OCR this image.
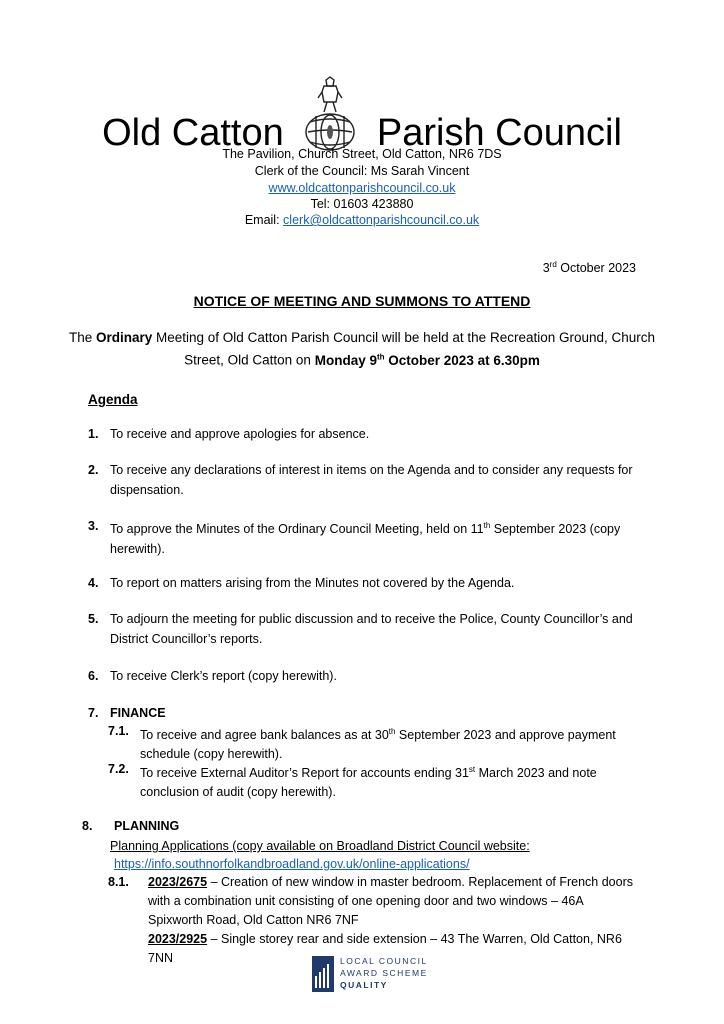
Old Catton Parish Council
The Pavilion, Church Street, Old Catton, NR6 7DS
Clerk of the Council: Ms Sarah Vincent
www.oldcattonparishcouncil.co.uk
Tel: 01603 423880
Email: clerk@oldcattonparishcouncil.co.uk
3rd October 2023
NOTICE OF MEETING AND SUMMONS TO ATTEND
The Ordinary Meeting of Old Catton Parish Council will be held at the Recreation Ground, Church Street, Old Catton on Monday 9th October 2023 at 6.30pm
Agenda
1. To receive and approve apologies for absence.
2. To receive any declarations of interest in items on the Agenda and to consider any requests for dispensation.
3. To approve the Minutes of the Ordinary Council Meeting, held on 11th September 2023 (copy herewith).
4. To report on matters arising from the Minutes not covered by the Agenda.
5. To adjourn the meeting for public discussion and to receive the Police, County Councillor’s and District Councillor’s reports.
6. To receive Clerk’s report (copy herewith).
7. FINANCE
7.1. To receive and agree bank balances as at 30th September 2023 and approve payment schedule (copy herewith).
7.2. To receive External Auditor’s Report for accounts ending 31st March 2023 and note conclusion of audit (copy herewith).
8. PLANNING
Planning Applications (copy available on Broadland District Council website:
https://info.southnorfolkandbroadland.gov.uk/online-applications/
8.1. 2023/2675 – Creation of new window in master bedroom. Replacement of French doors with a combination unit consisting of one opening door and two windows – 46A Spixworth Road, Old Catton NR6 7NF
2023/2925 – Single storey rear and side extension – 43 The Warren, Old Catton, NR6 7NN	LOCAL COUNCIL
AWARD SCHEME
QUALITY
